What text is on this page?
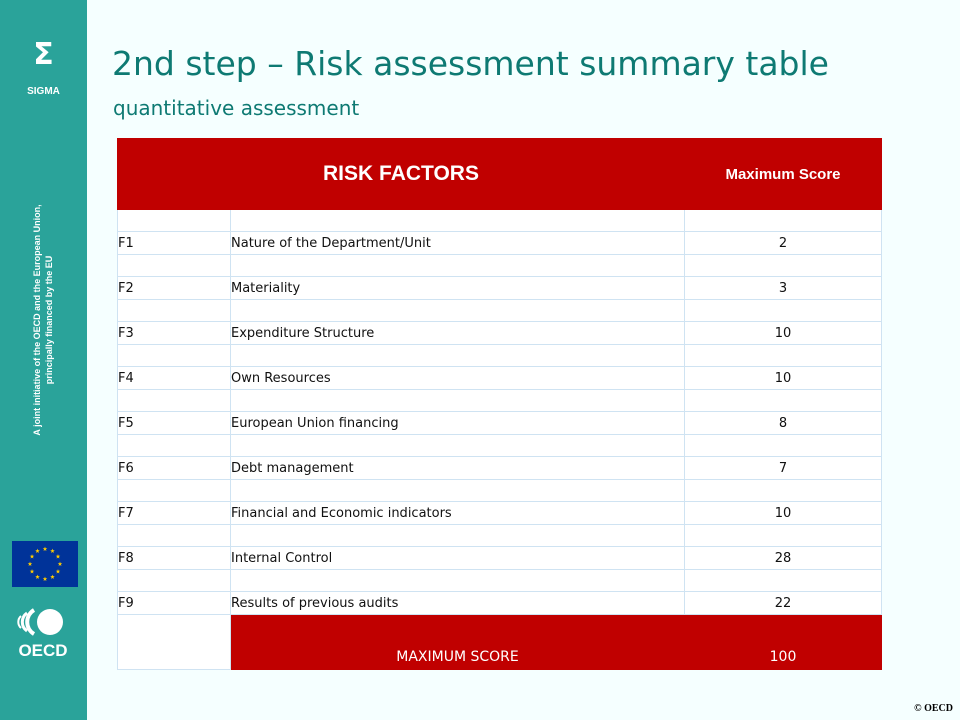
Σ
SIGMA
A joint initiative of the OECD and the European Union, principally financed by the EU
OECD
2nd step – Risk assessment summary table
quantitative assessment
RISK FACTORS		Maximum Score

F1	Nature of the Department/Unit	2

F2	Materiality	3

F3	Expenditure Structure	10

F4	Own Resources	10

F5	European Union financing	8

F6	Debt management	7

F7	Financial and Economic indicators	10

F8	Internal Control	28

F9	Results of previous audits	22
	MAXIMUM SCORE	100
© OECD
